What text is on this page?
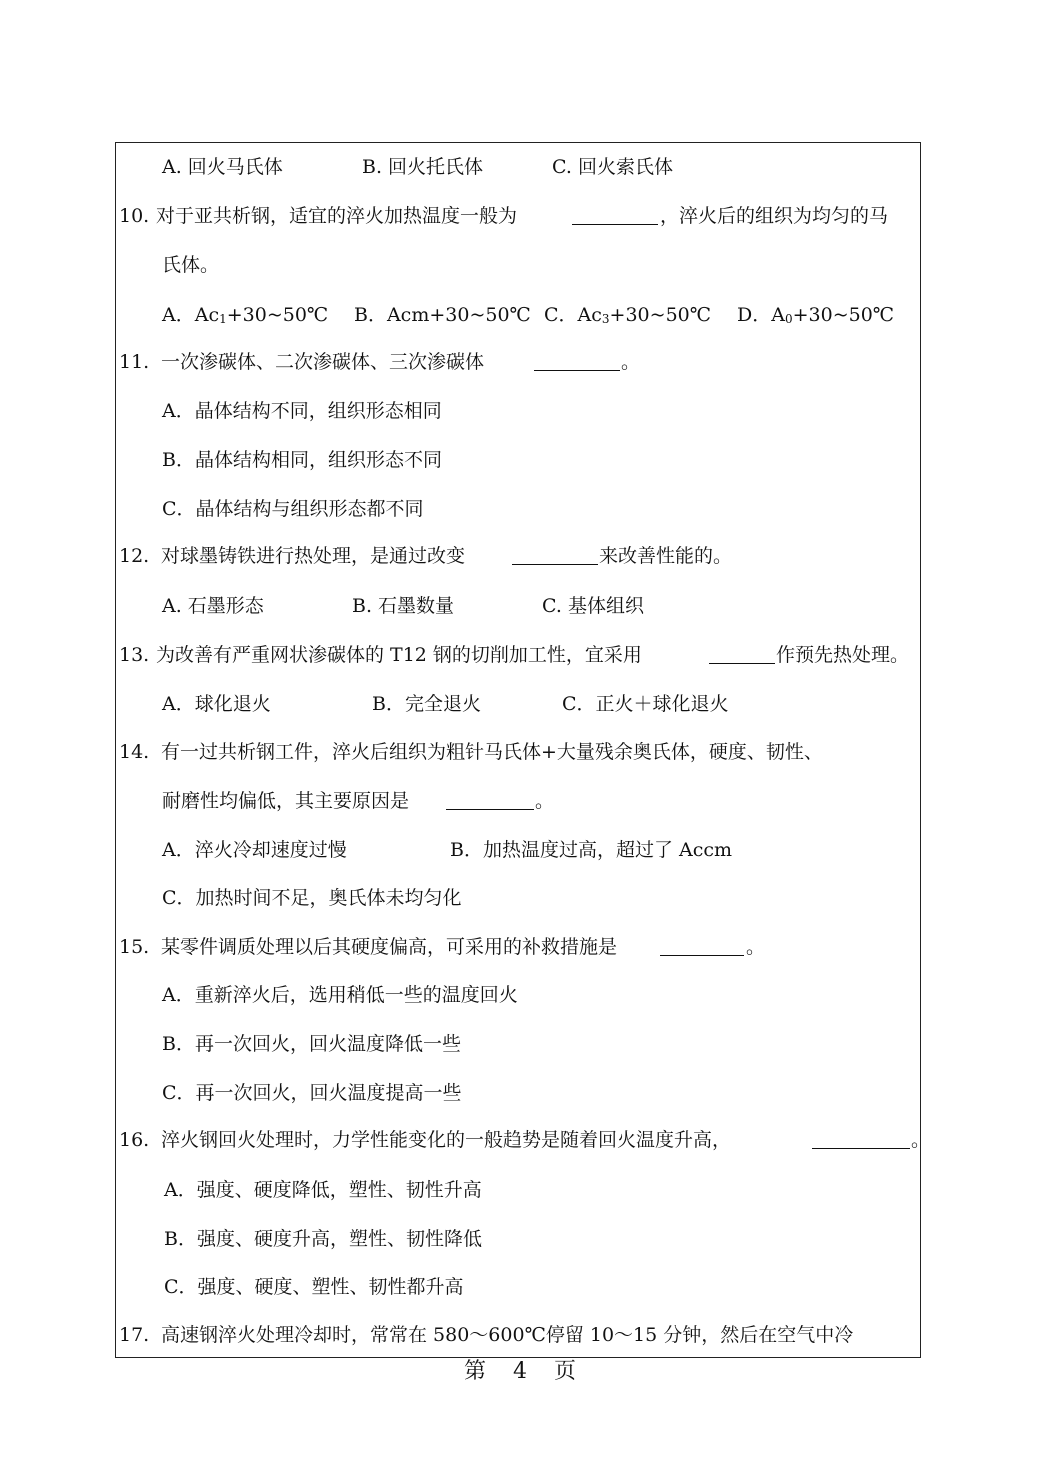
A. 回火马氏体	B. 回火托氏体	C. 回火索氏体
10. 对于亚共析钢，适宜的淬火加热温度一般为	，淬火后的组织为均匀的马
氏体。
A．$Ac_1+30\sim 50℃$ B．Acm+30~50℃ C．$Ac_3+30\sim 50℃$ D．$A_0+30\sim 50℃$
11. 一次渗碳体、二次渗碳体、三次渗碳体	。
A．晶体结构不同，组织形态相同
B．晶体结构相同，组织形态不同
C．晶体结构与组织形态都不同
12. 对球墨铸铁进行热处理，是通过改变	来改善性能的。
A. 石墨形态	B. 石墨数量	C. 基体组织
13. 为改善有严重网状渗碳体的 T12 钢的切削加工性，宜采用	作预先热处理。
A．球化退火	B．完全退火	C．正火＋球化退火
14. 有一过共析钢工件，淬火后组织为粗针马氏体+大量残余奥氏体，硬度、韧性、
耐磨性均偏低，其主要原因是	。
A．淬火冷却速度过慢	B．加热温度过高，超过了 Accm
C．加热时间不足，奥氏体未均匀化
15. 某零件调质处理以后其硬度偏高，可采用的补救措施是	。
A．重新淬火后，选用稍低一些的温度回火
B．再一次回火，回火温度降低一些
C．再一次回火，回火温度提高一些
16. 淬火钢回火处理时，力学性能变化的一般趋势是随着回火温度升高，	。
A．强度、硬度降低，塑性、韧性升高
B．强度、硬度升高，塑性、韧性降低
C．强度、硬度、塑性、韧性都升高
17. 高速钢淬火处理冷却时，常常在 580～600℃停留 10～15 分钟，然后在空气中冷
第 4 页
